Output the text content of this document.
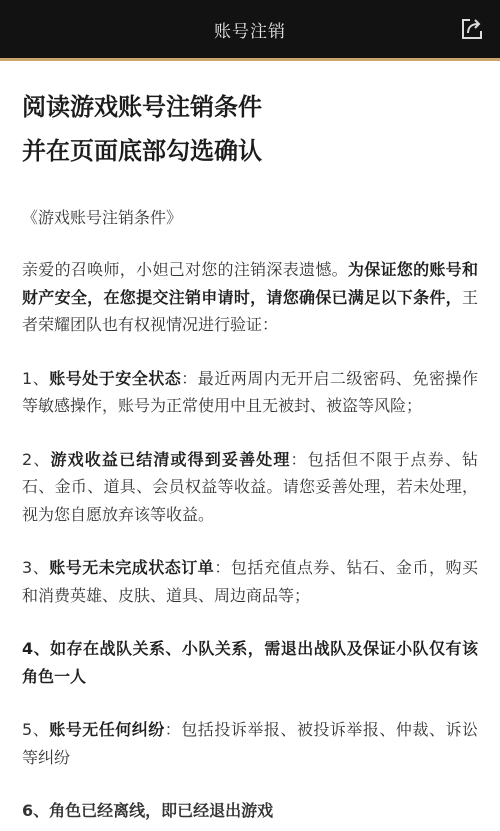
账号注销
阅读游戏账号注销条件
并在页面底部勾选确认
《游戏账号注销条件》

亲爱的召唤师，小妲己对您的注销深表遗憾。为保证您的账号和财产安全，在您提交注销申请时，请您确保已满足以下条件，王者荣耀团队也有权视情况进行验证：

1、账号处于安全状态：最近两周内无开启二级密码、免密操作等敏感操作，账号为正常使用中且无被封、被盗等风险；

2、游戏收益已结清或得到妥善处理：包括但不限于点券、钻石、金币、道具、会员权益等收益。请您妥善处理，若未处理，视为您自愿放弃该等收益。

3、账号无未完成状态订单：包括充值点券、钻石、金币，购买和消费英雄、皮肤、道具、周边商品等；

4、如存在战队关系、小队关系，需退出战队及保证小队仅有该角色一人

5、账号无任何纠纷：包括投诉举报、被投诉举报、仲裁、诉讼等纠纷

6、角色已经离线，即已经退出游戏
